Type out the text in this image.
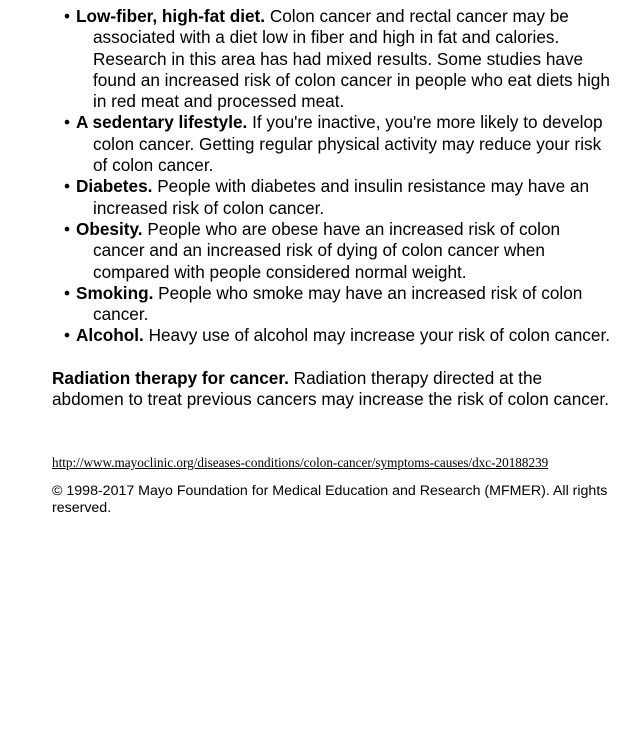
• Low-fiber, high-fat diet. Colon cancer and rectal cancer may be associated with a diet low in fiber and high in fat and calories. Research in this area has had mixed results. Some studies have found an increased risk of colon cancer in people who eat diets high in red meat and processed meat.
• A sedentary lifestyle. If you're inactive, you're more likely to develop colon cancer. Getting regular physical activity may reduce your risk of colon cancer.
• Diabetes. People with diabetes and insulin resistance may have an increased risk of colon cancer.
• Obesity. People who are obese have an increased risk of colon cancer and an increased risk of dying of colon cancer when compared with people considered normal weight.
• Smoking. People who smoke may have an increased risk of colon cancer.
• Alcohol. Heavy use of alcohol may increase your risk of colon cancer.

Radiation therapy for cancer. Radiation therapy directed at the abdomen to treat previous cancers may increase the risk of colon cancer.

http://www.mayoclinic.org/diseases-conditions/colon-cancer/symptoms-causes/dxc-20188239
© 1998-2017 Mayo Foundation for Medical Education and Research (MFMER). All rights reserved.
